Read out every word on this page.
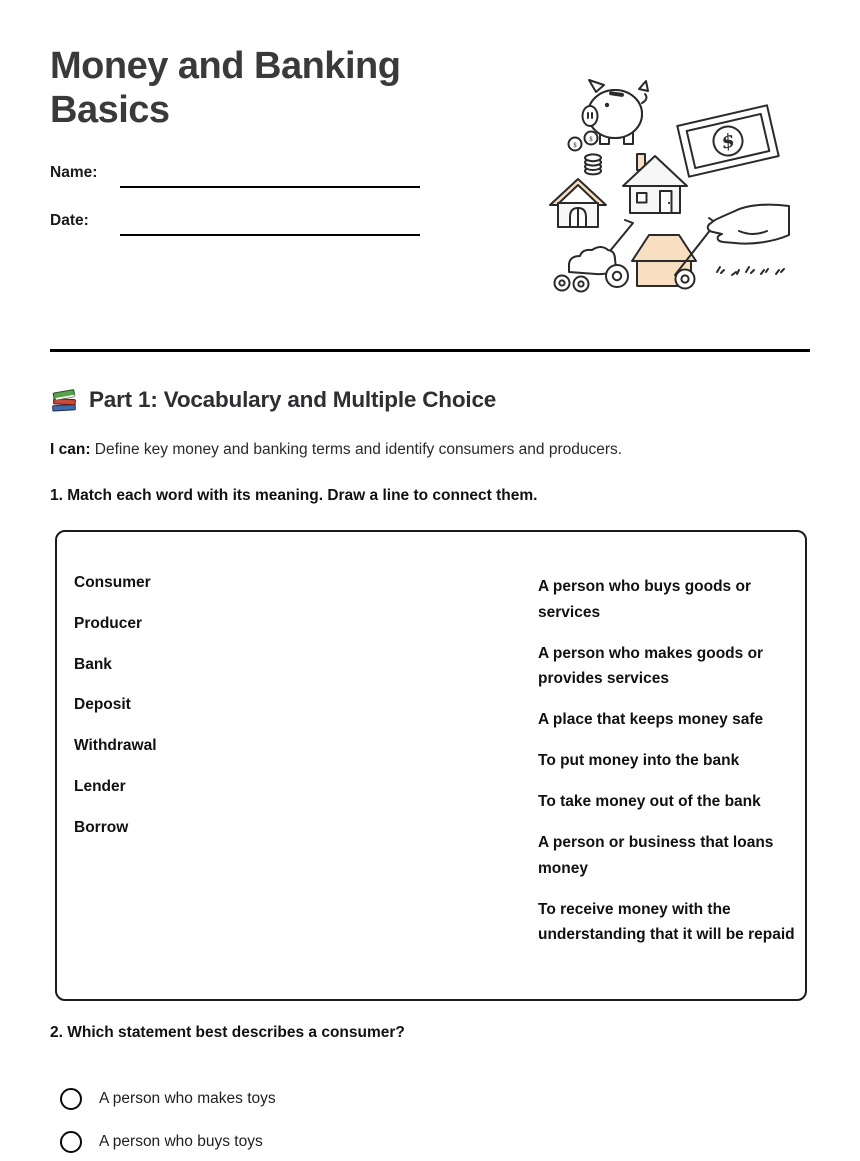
Money and Banking Basics
Name:
Date:
$
$	$
Part 1: Vocabulary and Multiple Choice

I can: Define key money and banking terms and identify consumers and producers.

1. Match each word with its meaning. Draw a line to connect them.
Consumer
Producer
Bank
Deposit
Withdrawal
Lender
Borrow
A person who buys goods or services
A person who makes goods or provides services
A place that keeps money safe
To put money into the bank
To take money out of the bank
A person or business that loans money
To receive money with the understanding that it will be repaid
2. Which statement best describes a consumer?
A person who makes toys
A person who buys toys
